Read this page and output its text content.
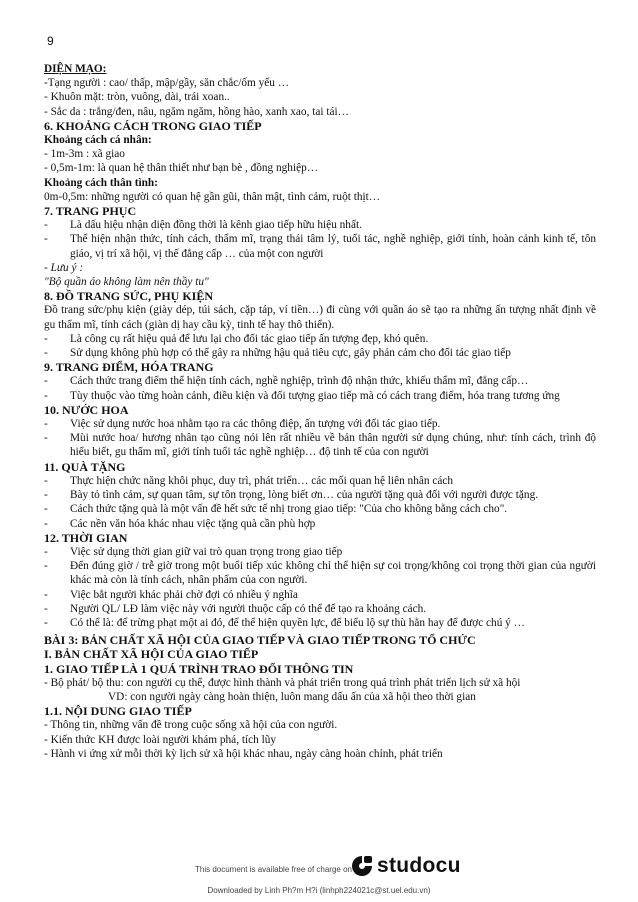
9

DIỆN MẠO:

-Tạng người : cao/ thấp, mập/gầy, săn chắc/ốm yếu …

- Khuôn mặt: tròn, vuông, dài, trái xoan..

- Sắc da : trắng/đen, nâu, ngăm ngăm, hồng hào, xanh xao, tai tái…

6. KHOẢNG CÁCH TRONG GIAO TIẾP

Khoảng cách cá nhân:

- 1m-3m : xã giao

- 0,5m-1m: là quan hệ thân thiết như bạn bè , đồng nghiệp…

Khoảng cách thân tình:

0m-0,5m: những người có quan hệ gần gũi, thân mật, tình cảm, ruột thịt…

7. TRANG PHỤC

- Là dấu hiệu nhận diện đồng thời là kênh giao tiếp hữu hiệu nhất.

- Thể hiện nhận thức, tính cách, thẩm mĩ, trạng thái tâm lý, tuổi tác, nghề nghiệp, giới tính, hoàn cảnh kinh tế, tôn giáo, vị trí xã hội, vị thế đẳng cấp … của một con người

- Lưu ý :

"Bộ quần áo không làm nên thầy tu"

8. ĐỒ TRANG SỨC, PHỤ KIỆN

Đồ trang sức/phụ kiện (giày dép, túi sách, cặp táp, ví tiền…) đi cùng với quần áo sẽ tạo ra những ấn tượng nhất định về gu thẩm mĩ, tính cách (giàn dị hay cầu kỳ, tinh tế hay thô thiển).

- Là công cụ rất hiệu quả để lưu lại cho đối tác giao tiếp ấn tượng đẹp, khó quên.

- Sử dụng không phù hợp có thể gây ra những hậu quả tiêu cực, gây phản cảm cho đối tác giao tiếp

9. TRANG ĐIỂM, HÓA TRANG

- Cách thức trang điểm thể hiện tính cách, nghề nghiệp, trình độ nhận thức, khiếu thẩm mĩ, đẳng cấp…

- Tùy thuộc vào từng hoàn cảnh, điều kiện và đối tượng giao tiếp mà có cách trang điểm, hóa trang tương ứng

10. NƯỚC HOA

- Việc sử dụng nước hoa nhằm tạo ra các thông điệp, ấn tượng với đối tác giao tiếp.

- Mùi nước hoa/ hương nhân tạo cũng nói lên rất nhiều về bản thân người sử dụng chúng, như: tính cách, trình độ hiểu biết, gu thẩm mĩ, giới tính tuổi tác nghề nghiệp… độ tinh tế của con người

11. QUÀ TẶNG

- Thực hiện chức năng khôi phục, duy trì, phát triển… các mối quan hệ liên nhân cách

- Bày tỏ tình cảm, sự quan tâm, sự tôn trọng, lòng biết ơn… của người tặng quà đối với người được tặng.

- Cách thức tặng quà là một vấn đề hết sức tế nhị trong giao tiếp: "Của cho không bằng cách cho".

- Các nền văn hóa khác nhau việc tặng quà cần phù hợp

12. THỜI GIAN

- Việc sử dụng thời gian giữ vai trò quan trọng trong giao tiếp

- Đến đúng giờ / trễ giờ trong một buổi tiếp xúc không chỉ thể hiện sự coi trọng/không coi trọng thời gian của người khác mà còn là tính cách, nhân phẩm của con người.

- Việc bắt người khác phải chờ đợi có nhiều ý nghĩa

- Người QL/ LĐ làm việc này với người thuộc cấp có thể để tạo ra khoảng cách.

- Có thể là: để trừng phạt một ai đó, để thể hiện quyền lực, để biểu lộ sự thù hằn hay để được chú ý …

BÀI 3: BẢN CHẤT XÃ HỘI CỦA GIAO TIẾP VÀ GIAO TIẾP TRONG TỔ CHỨC

I. BẢN CHẤT XÃ HỘI CỦA GIAO TIẾP

1. GIAO TIẾP LÀ 1 QUÁ TRÌNH TRAO ĐỔI THÔNG TIN

- Bộ phát/ bộ thu: con người cụ thể, được hình thành và phát triển trong quá trình phát triển lịch sử xã hội

VD: con người ngày càng hoàn thiện, luôn mang dấu ấn của xã hội theo thời gian

1.1. NỘI DUNG GIAO TIẾP

- Thông tin, những vấn đề trong cuộc sống xã hội của con người.

- Kiến thức KH được loài người khám phá, tích lũy

- Hành vi ứng xử mỗi thời kỳ lịch sử xã hội khác nhau, ngày càng hoàn chỉnh, phát triển

This document is available free of charge on studocu
Downloaded by Linh Ph?m H?i (linhph224021c@st.uel.edu.vn)
